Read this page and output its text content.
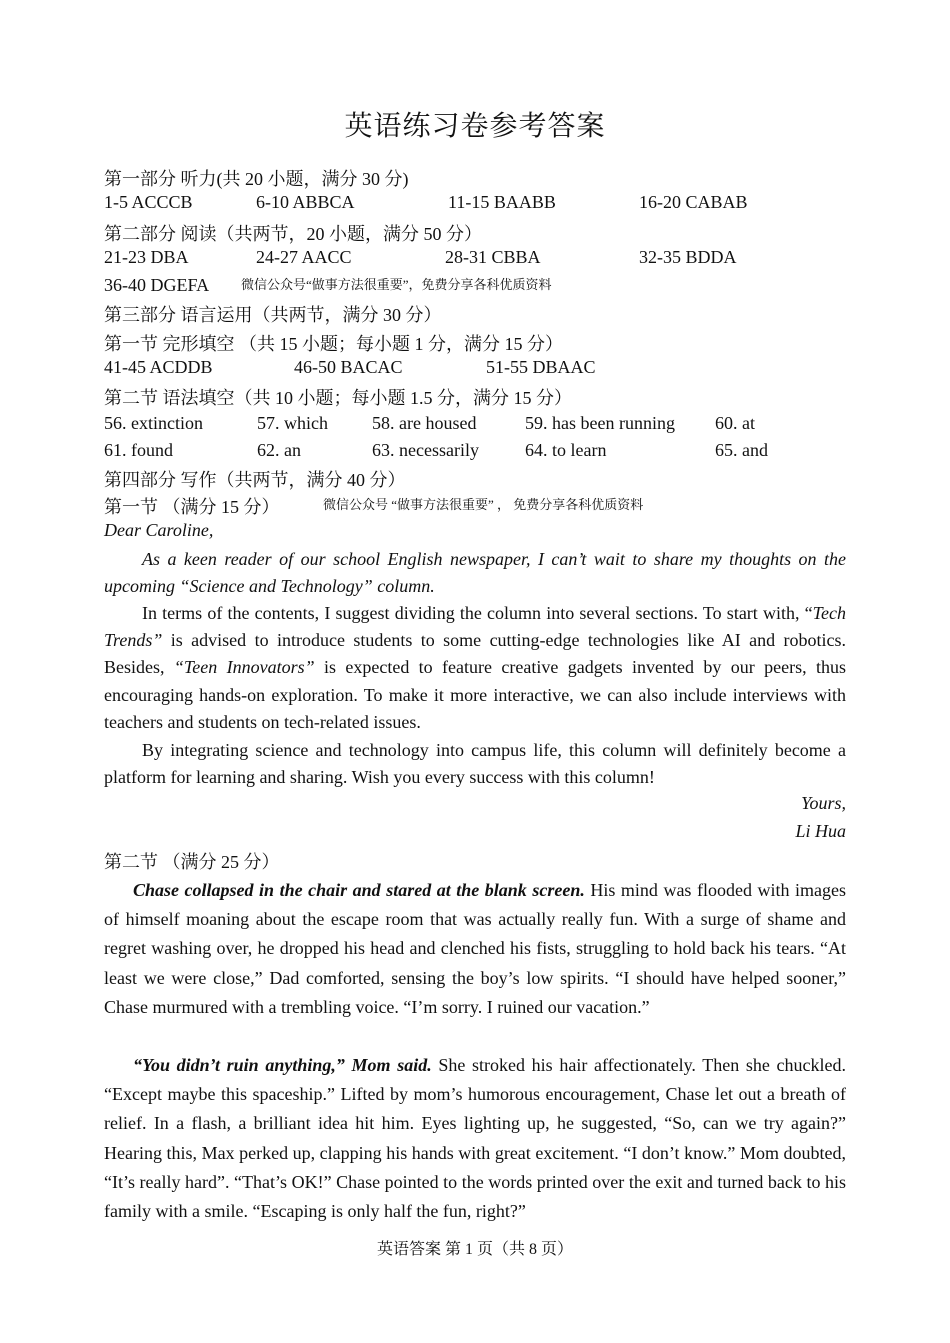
英语练习卷参考答案
第一部分 听力(共 20 小题，满分 30 分)
1-5 ACCCB	6-10 ABBCA	11-15 BAABB	16-20 CABAB
第二部分 阅读（共两节，20 小题，满分 50 分）
21-23 DBA	24-27 AACC	28-31 CBBA	32-35 BDDA
36-40 DGEFA 微信公众号“做事方法很重要”，免费分享各科优质资料
第三部分 语言运用（共两节，满分 30 分）
第一节 完形填空 （共 15 小题；每小题 1 分，满分 15 分）
41-45 ACDDB	46-50 BACAC	51-55 DBAAC
第二节 语法填空（共 10 小题；每小题 1.5 分，满分 15 分）
56. extinction	57. which 58. are housed	59. has been running 60. at
61. found	62. an	63. necessarily	64. to learn	65. and
第四部分 写作（共两节，满分 40 分）
第一节 （满分 15 分）	微信公众号 “做事方法很重要” ， 免费分享各科优质资料
Dear Caroline,
As a keen reader of our school English newspaper, I can’t wait to share my thoughts on the upcoming “Science and Technology” column.
In terms of the contents, I suggest dividing the column into several sections. To start with, “Tech Trends” is advised to introduce students to some cutting-edge technologies like AI and robotics. Besides, “Teen Innovators” is expected to feature creative gadgets invented by our peers, thus encouraging hands-on exploration. To make it more interactive, we can also include interviews with teachers and students on tech-related issues.
By integrating science and technology into campus life, this column will definitely become a platform for learning and sharing. Wish you every success with this column!
Yours,
Li Hua
第二节 （满分 25 分）
Chase collapsed in the chair and stared at the blank screen. His mind was flooded with images of himself moaning about the escape room that was actually really fun. With a surge of shame and regret washing over, he dropped his head and clenched his fists, struggling to hold back his tears. “At least we were close,” Dad comforted, sensing the boy’s low spirits. “I should have helped sooner,” Chase murmured with a trembling voice. “I’m sorry. I ruined our vacation.”
“You didn’t ruin anything,” Mom said. She stroked his hair affectionately. Then she chuckled. “Except maybe this spaceship.” Lifted by mom’s humorous encouragement, Chase let out a breath of relief. In a flash, a brilliant idea hit him. Eyes lighting up, he suggested, “So, can we try again?” Hearing this, Max perked up, clapping his hands with great excitement. “I don’t know.” Mom doubted, “It’s really hard”. “That’s OK!” Chase pointed to the words printed over the exit and turned back to his family with a smile. “Escaping is only half the fun, right?”
英语答案 第 1 页（共 8 页）
